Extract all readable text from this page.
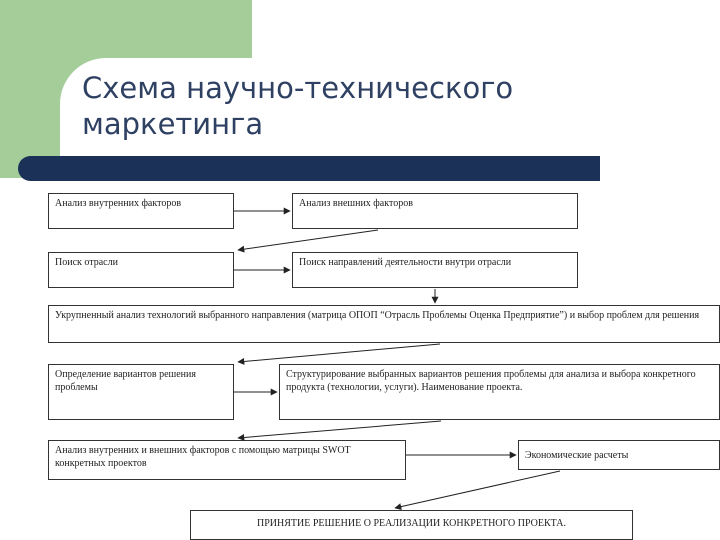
Схема научно-технического маркетинга
Анализ внутренних факторов	Анализ внешних факторов
Поиск отрасли	Поиск направлений деятельности внутри отрасли
Укрупненный анализ технологий выбранного направления (матрица ОПОП “Отрасль Проблемы Оценка Предприятие”) и выбор проблем для решения
Определение вариантов решения проблемы
Структурирование выбранных вариантов решения проблемы для анализа и выбора конкретного продукта (технологии, услуги). Наименование проекта.
Анализ внутренних и внешних факторов с помощью матрицы SWOT конкретных проектов
Экономические расчеты
ПРИНЯТИЕ РЕШЕНИЕ О РЕАЛИЗАЦИИ КОНКРЕТНОГО ПРОЕКТА.
